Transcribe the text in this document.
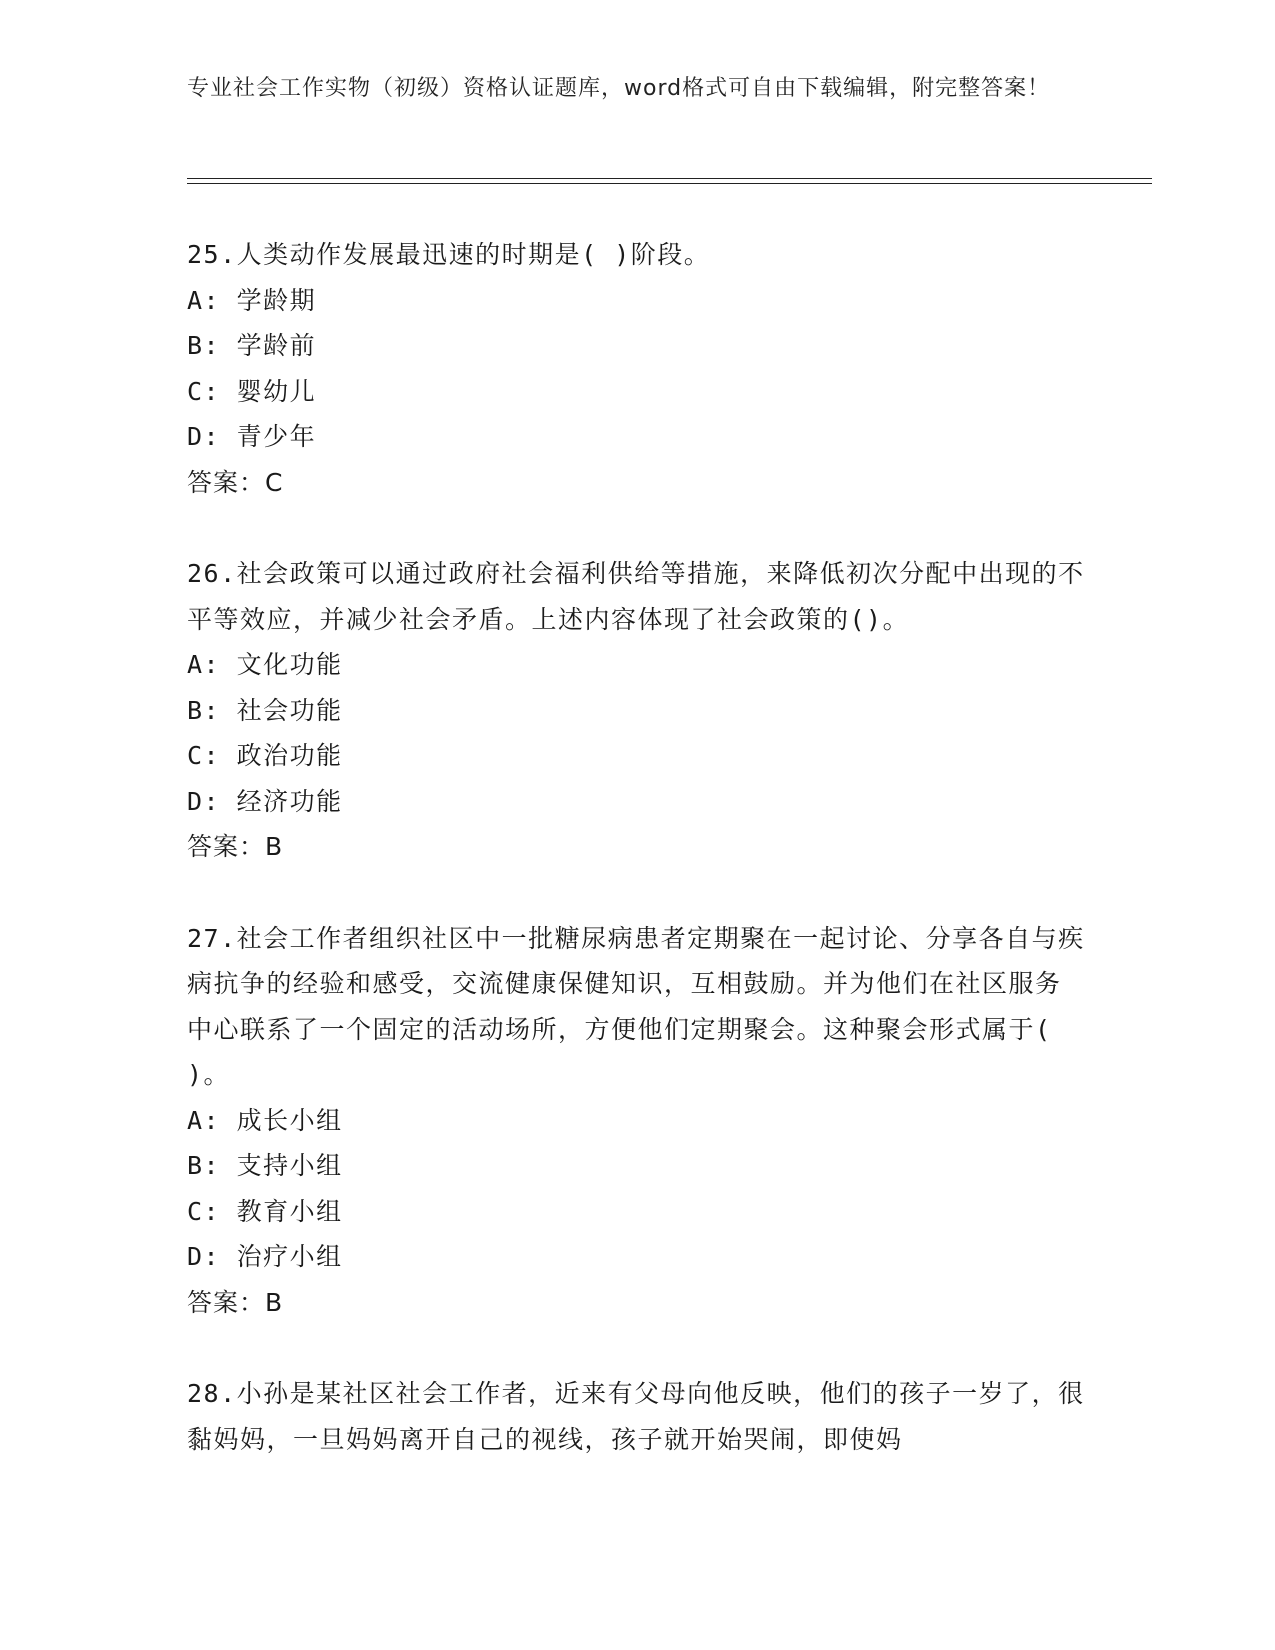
专业社会工作实物（初级）资格认证题库，word格式可自由下载编辑，附完整答案！

25.人类动作发展最迅速的时期是( )阶段。

A: 学龄期

B: 学龄前

C: 婴幼儿

D: 青少年

答案：C

26.社会政策可以通过政府社会福利供给等措施，来降低初次分配中出现的不平等效应，并减少社会矛盾。上述内容体现了社会政策的()。

A: 文化功能

B: 社会功能

C: 政治功能

D: 经济功能

答案：B

27.社会工作者组织社区中一批糖尿病患者定期聚在一起讨论、分享各自与疾病抗争的经验和感受，交流健康保健知识，互相鼓励。并为他们在社区服务中心联系了一个固定的活动场所，方便他们定期聚会。这种聚会形式属于( )。

A: 成长小组

B: 支持小组

C: 教育小组

D: 治疗小组

答案：B

28.小孙是某社区社会工作者，近来有父母向他反映，他们的孩子一岁了，很黏妈妈，一旦妈妈离开自己的视线，孩子就开始哭闹，即使妈
